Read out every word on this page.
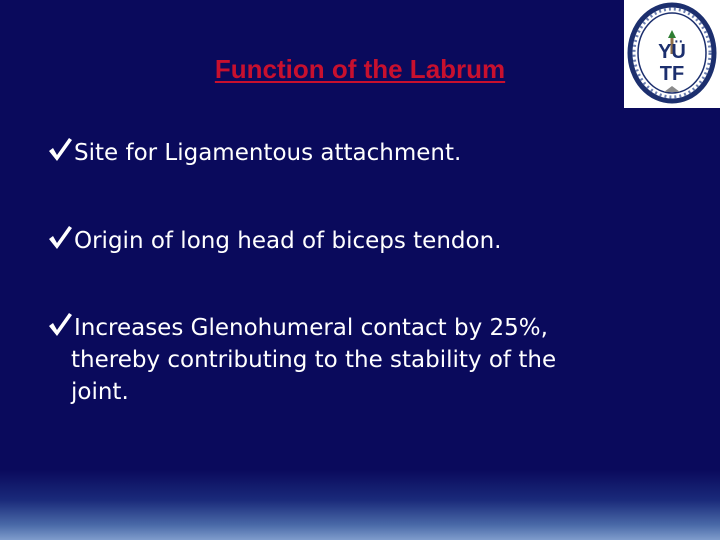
YÜ
TF
Function of the Labrum
Site for Ligamentous attachment.
Origin of long head of biceps tendon.
Increases Glenohumeral contact by 25%,
thereby contributing to the stability of the
joint.
